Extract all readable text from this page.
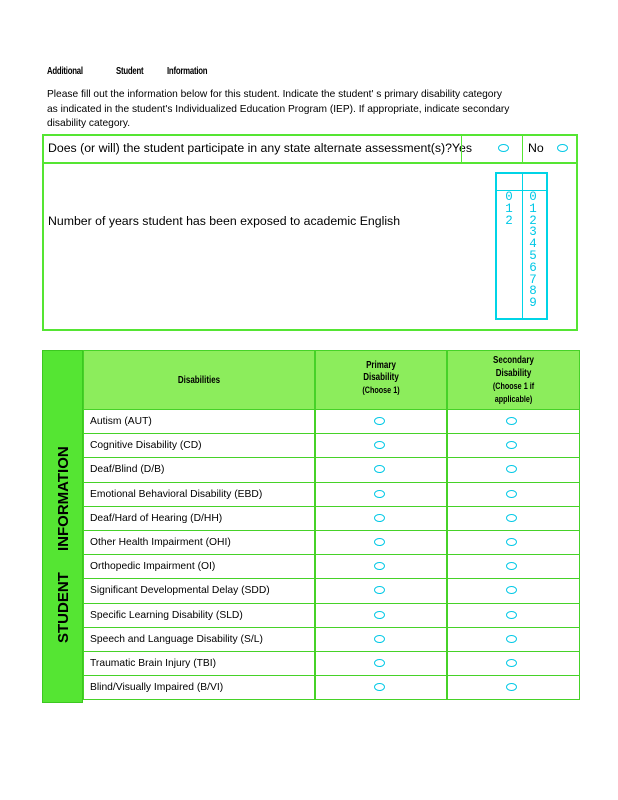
Additional	Student Information
Please fill out the information below for this student. Indicate the student' s primary disability category
as indicated in the student's Individualized Education Program (IEP). If appropriate, indicate secondary
disability category.
Does (or will) the student participate in any state alternate assessment(s)?Yes	No
Number of years student has been exposed to academic English
0
1
2
0
1
2
3
4
5
6
7
8
9
INFORMATION
STUDENT
Disabilities
Primary
Disability
(Choose 1)
Secondary
Disability
(Choose 1 if
applicable)
Autism (AUT)
Cognitive Disability (CD)
Deaf/Blind (D/B)
Emotional Behavioral Disability (EBD)
Deaf/Hard of Hearing (D/HH)
Other Health Impairment (OHI)
Orthopedic Impairment (OI)
Significant Developmental Delay (SDD)
Specific Learning Disability (SLD)
Speech and Language Disability (S/L)
Traumatic Brain Injury (TBI)
Blind/Visually Impaired (B/VI)
